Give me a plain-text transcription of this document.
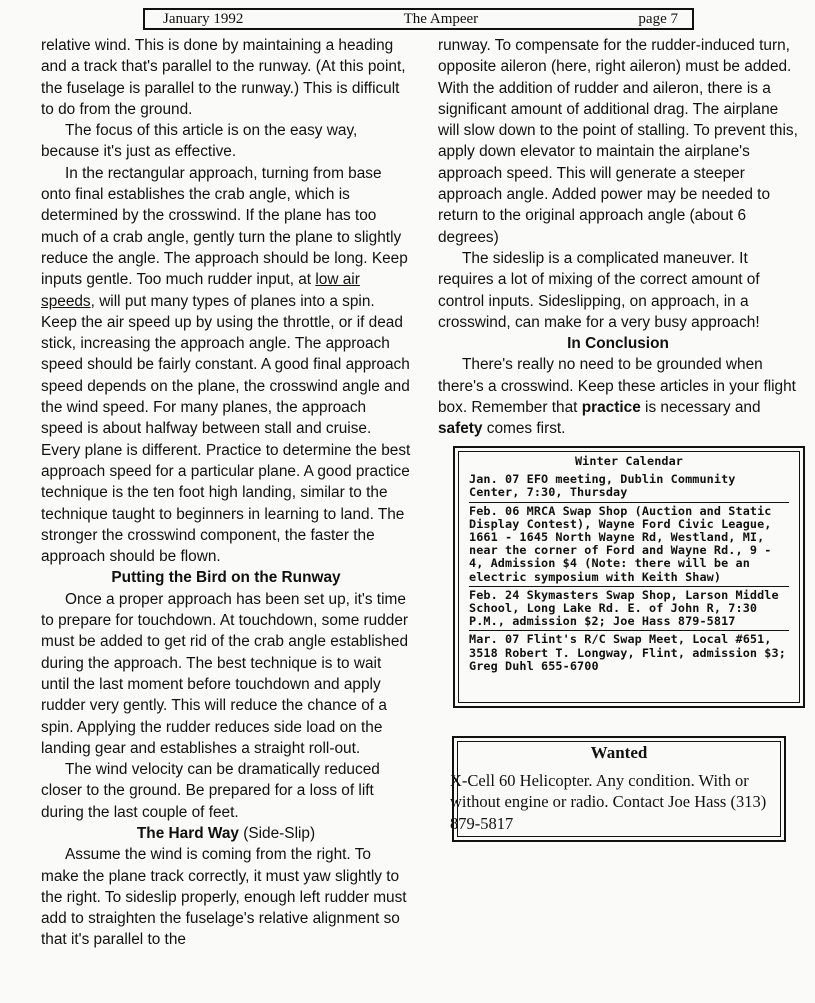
January 1992	The Ampeer	page 7

relative wind. This is done by maintaining a heading and a track that's parallel to the runway. (At this point, the fuselage is parallel to the runway.) This is difficult to do from the ground.

The focus of this article is on the easy way, because it's just as effective.

In the rectangular approach, turning from base onto final establishes the crab angle, which is determined by the crosswind. If the plane has too much of a crab angle, gently turn the plane to slightly reduce the angle. The approach should be long. Keep inputs gentle. Too much rudder input, at low air speeds, will put many types of planes into a spin. Keep the air speed up by using the throttle, or if dead stick, increasing the approach angle. The approach speed should be fairly constant. A good final approach speed depends on the plane, the crosswind angle and the wind speed. For many planes, the approach speed is about halfway between stall and cruise. Every plane is different. Practice to determine the best approach speed for a particular plane. A good practice technique is the ten foot high landing, similar to the technique taught to beginners in learning to land. The stronger the crosswind component, the faster the approach should be flown.

Putting the Bird on the Runway

Once a proper approach has been set up, it's time to prepare for touchdown. At touchdown, some rudder must be added to get rid of the crab angle established during the approach. The best technique is to wait until the last moment before touchdown and apply rudder very gently. This will reduce the chance of a spin. Applying the rudder reduces side load on the landing gear and establishes a straight roll-out.

The wind velocity can be dramatically reduced closer to the ground. Be prepared for a loss of lift during the last couple of feet.

The Hard Way (Side-Slip)

Assume the wind is coming from the right. To make the plane track correctly, it must yaw slightly to the right. To sideslip properly, enough left rudder must add to straighten the fuselage's relative alignment so that it's parallel to the

runway. To compensate for the rudder-induced turn, opposite aileron (here, right aileron) must be added. With the addition of rudder and aileron, there is a significant amount of additional drag. The airplane will slow down to the point of stalling. To prevent this, apply down elevator to maintain the airplane's approach speed. This will generate a steeper approach angle. Added power may be needed to return to the original approach angle (about 6 degrees)

The sideslip is a complicated maneuver. It requires a lot of mixing of the correct amount of control inputs. Sideslipping, on approach, in a crosswind, can make for a very busy approach!

In Conclusion

There's really no need to be grounded when there's a crosswind. Keep these articles in your flight box. Remember that practice is necessary and safety comes first.

Winter Calendar

Jan. 07 EFO meeting, Dublin Community Center, 7:30, Thursday

Feb. 06 MRCA Swap Shop (Auction and Static Display Contest), Wayne Ford Civic League, 1661 - 1645 North Wayne Rd, Westland, MI, near the corner of Ford and Wayne Rd., 9 - 4, Admission $4 (Note: there will be an electric symposium with Keith Shaw)

Feb. 24 Skymasters Swap Shop, Larson Middle School, Long Lake Rd. E. of John R, 7:30 P.M., admission $2; Joe Hass 879-5817

Mar. 07 Flint's R/C Swap Meet, Local #651, 3518 Robert T. Longway, Flint, admission $3; Greg Duhl 655-6700

Wanted
X-Cell 60 Helicopter. Any condition. With or without engine or radio. Contact Joe Hass (313) 879-5817
